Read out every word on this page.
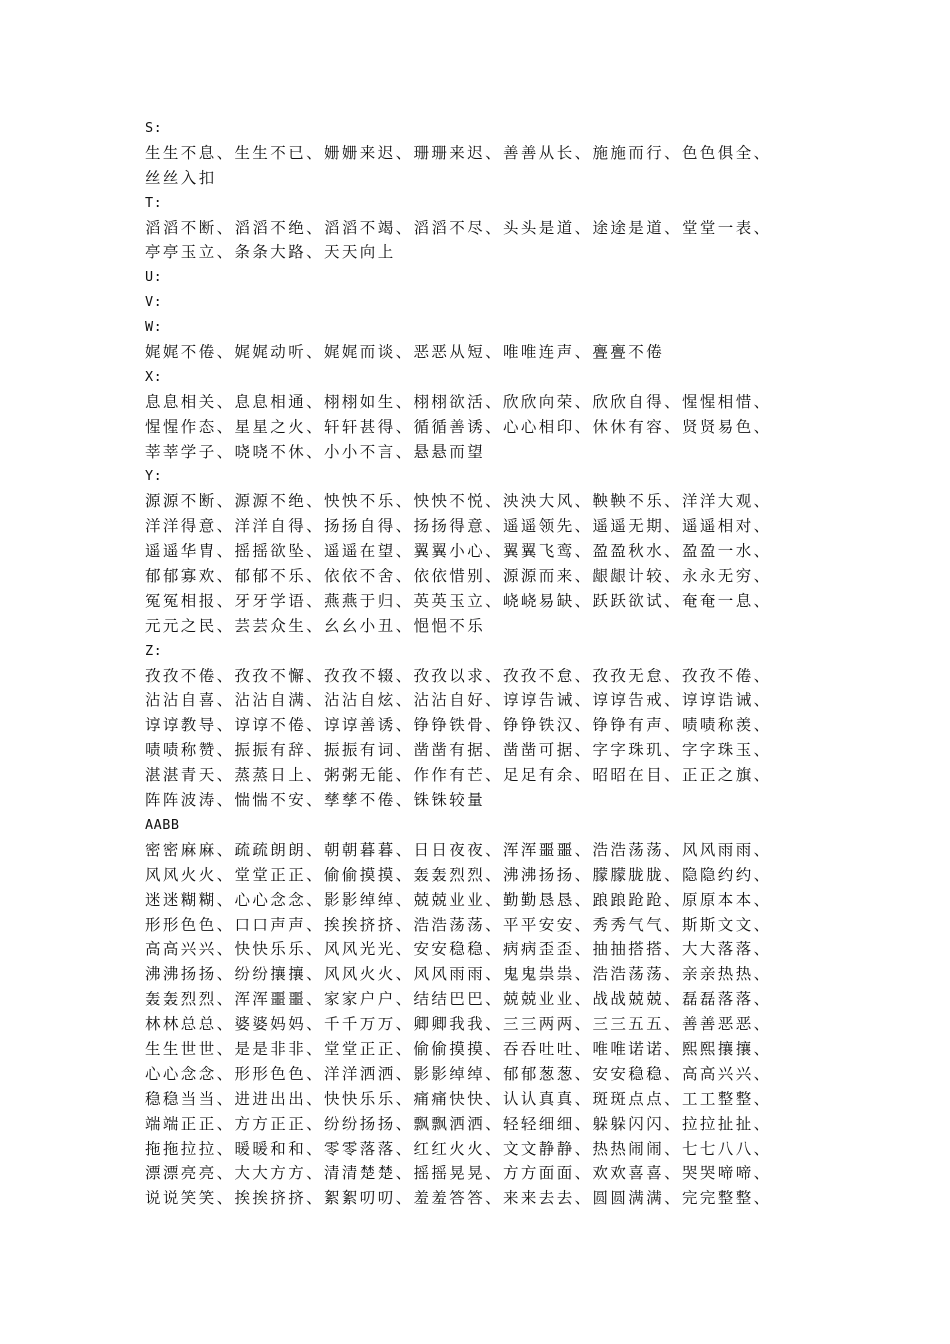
S:
生生不息、生生不已、姗姗来迟、珊珊来迟、善善从长、施施而行、色色俱全、
丝丝入扣
T:
滔滔不断、滔滔不绝、滔滔不竭、滔滔不尽、头头是道、途途是道、堂堂一表、
亭亭玉立、条条大路、天天向上
U:
V:
W:
娓娓不倦、娓娓动听、娓娓而谈、恶恶从短、唯唯连声、亹亹不倦
X:
息息相关、息息相通、栩栩如生、栩栩欲活、欣欣向荣、欣欣自得、惺惺相惜、
惺惺作态、星星之火、轩轩甚得、循循善诱、心心相印、休休有容、贤贤易色、
莘莘学子、哓哓不休、小小不言、悬悬而望
Y:
源源不断、源源不绝、怏怏不乐、怏怏不悦、泱泱大风、鞅鞅不乐、洋洋大观、
洋洋得意、洋洋自得、扬扬自得、扬扬得意、遥遥领先、遥遥无期、遥遥相对、
遥遥华胄、摇摇欲坠、遥遥在望、翼翼小心、翼翼飞鸾、盈盈秋水、盈盈一水、
郁郁寡欢、郁郁不乐、依依不舍、依依惜别、源源而来、龈龈计较、永永无穷、
冤冤相报、牙牙学语、燕燕于归、英英玉立、峣峣易缺、跃跃欲试、奄奄一息、
元元之民、芸芸众生、幺幺小丑、悒悒不乐
Z:
孜孜不倦、孜孜不懈、孜孜不辍、孜孜以求、孜孜不怠、孜孜无怠、孜孜不倦、
沾沾自喜、沾沾自满、沾沾自炫、沾沾自好、谆谆告诫、谆谆告戒、谆谆诰诫、
谆谆教导、谆谆不倦、谆谆善诱、铮铮铁骨、铮铮铁汉、铮铮有声、啧啧称羡、
啧啧称赞、振振有辞、振振有词、凿凿有据、凿凿可据、字字珠玑、字字珠玉、
湛湛青天、蒸蒸日上、粥粥无能、作作有芒、足足有余、昭昭在目、正正之旗、
阵阵波涛、惴惴不安、孳孳不倦、铢铢较量
AABB
密密麻麻、疏疏朗朗、朝朝暮暮、日日夜夜、浑浑噩噩、浩浩荡荡、风风雨雨、
风风火火、堂堂正正、偷偷摸摸、轰轰烈烈、沸沸扬扬、朦朦胧胧、隐隐约约、
迷迷糊糊、心心念念、影影绰绰、兢兢业业、勤勤恳恳、踉踉跄跄、原原本本、
形形色色、口口声声、挨挨挤挤、浩浩荡荡、平平安安、秀秀气气、斯斯文文、
高高兴兴、快快乐乐、风风光光、安安稳稳、病病歪歪、抽抽搭搭、大大落落、
沸沸扬扬、纷纷攘攘、风风火火、风风雨雨、鬼鬼祟祟、浩浩荡荡、亲亲热热、
轰轰烈烈、浑浑噩噩、家家户户、结结巴巴、兢兢业业、战战兢兢、磊磊落落、
林林总总、婆婆妈妈、千千万万、卿卿我我、三三两两、三三五五、善善恶恶、
生生世世、是是非非、堂堂正正、偷偷摸摸、吞吞吐吐、唯唯诺诺、熙熙攘攘、
心心念念、形形色色、洋洋洒洒、影影绰绰、郁郁葱葱、安安稳稳、高高兴兴、
稳稳当当、进进出出、快快乐乐、痛痛快快、认认真真、斑斑点点、工工整整、
端端正正、方方正正、纷纷扬扬、飘飘洒洒、轻轻细细、躲躲闪闪、拉拉扯扯、
拖拖拉拉、暖暖和和、零零落落、红红火火、文文静静、热热闹闹、七七八八、
漂漂亮亮、大大方方、清清楚楚、摇摇晃晃、方方面面、欢欢喜喜、哭哭啼啼、
说说笑笑、挨挨挤挤、絮絮叨叨、羞羞答答、来来去去、圆圆满满、完完整整、
